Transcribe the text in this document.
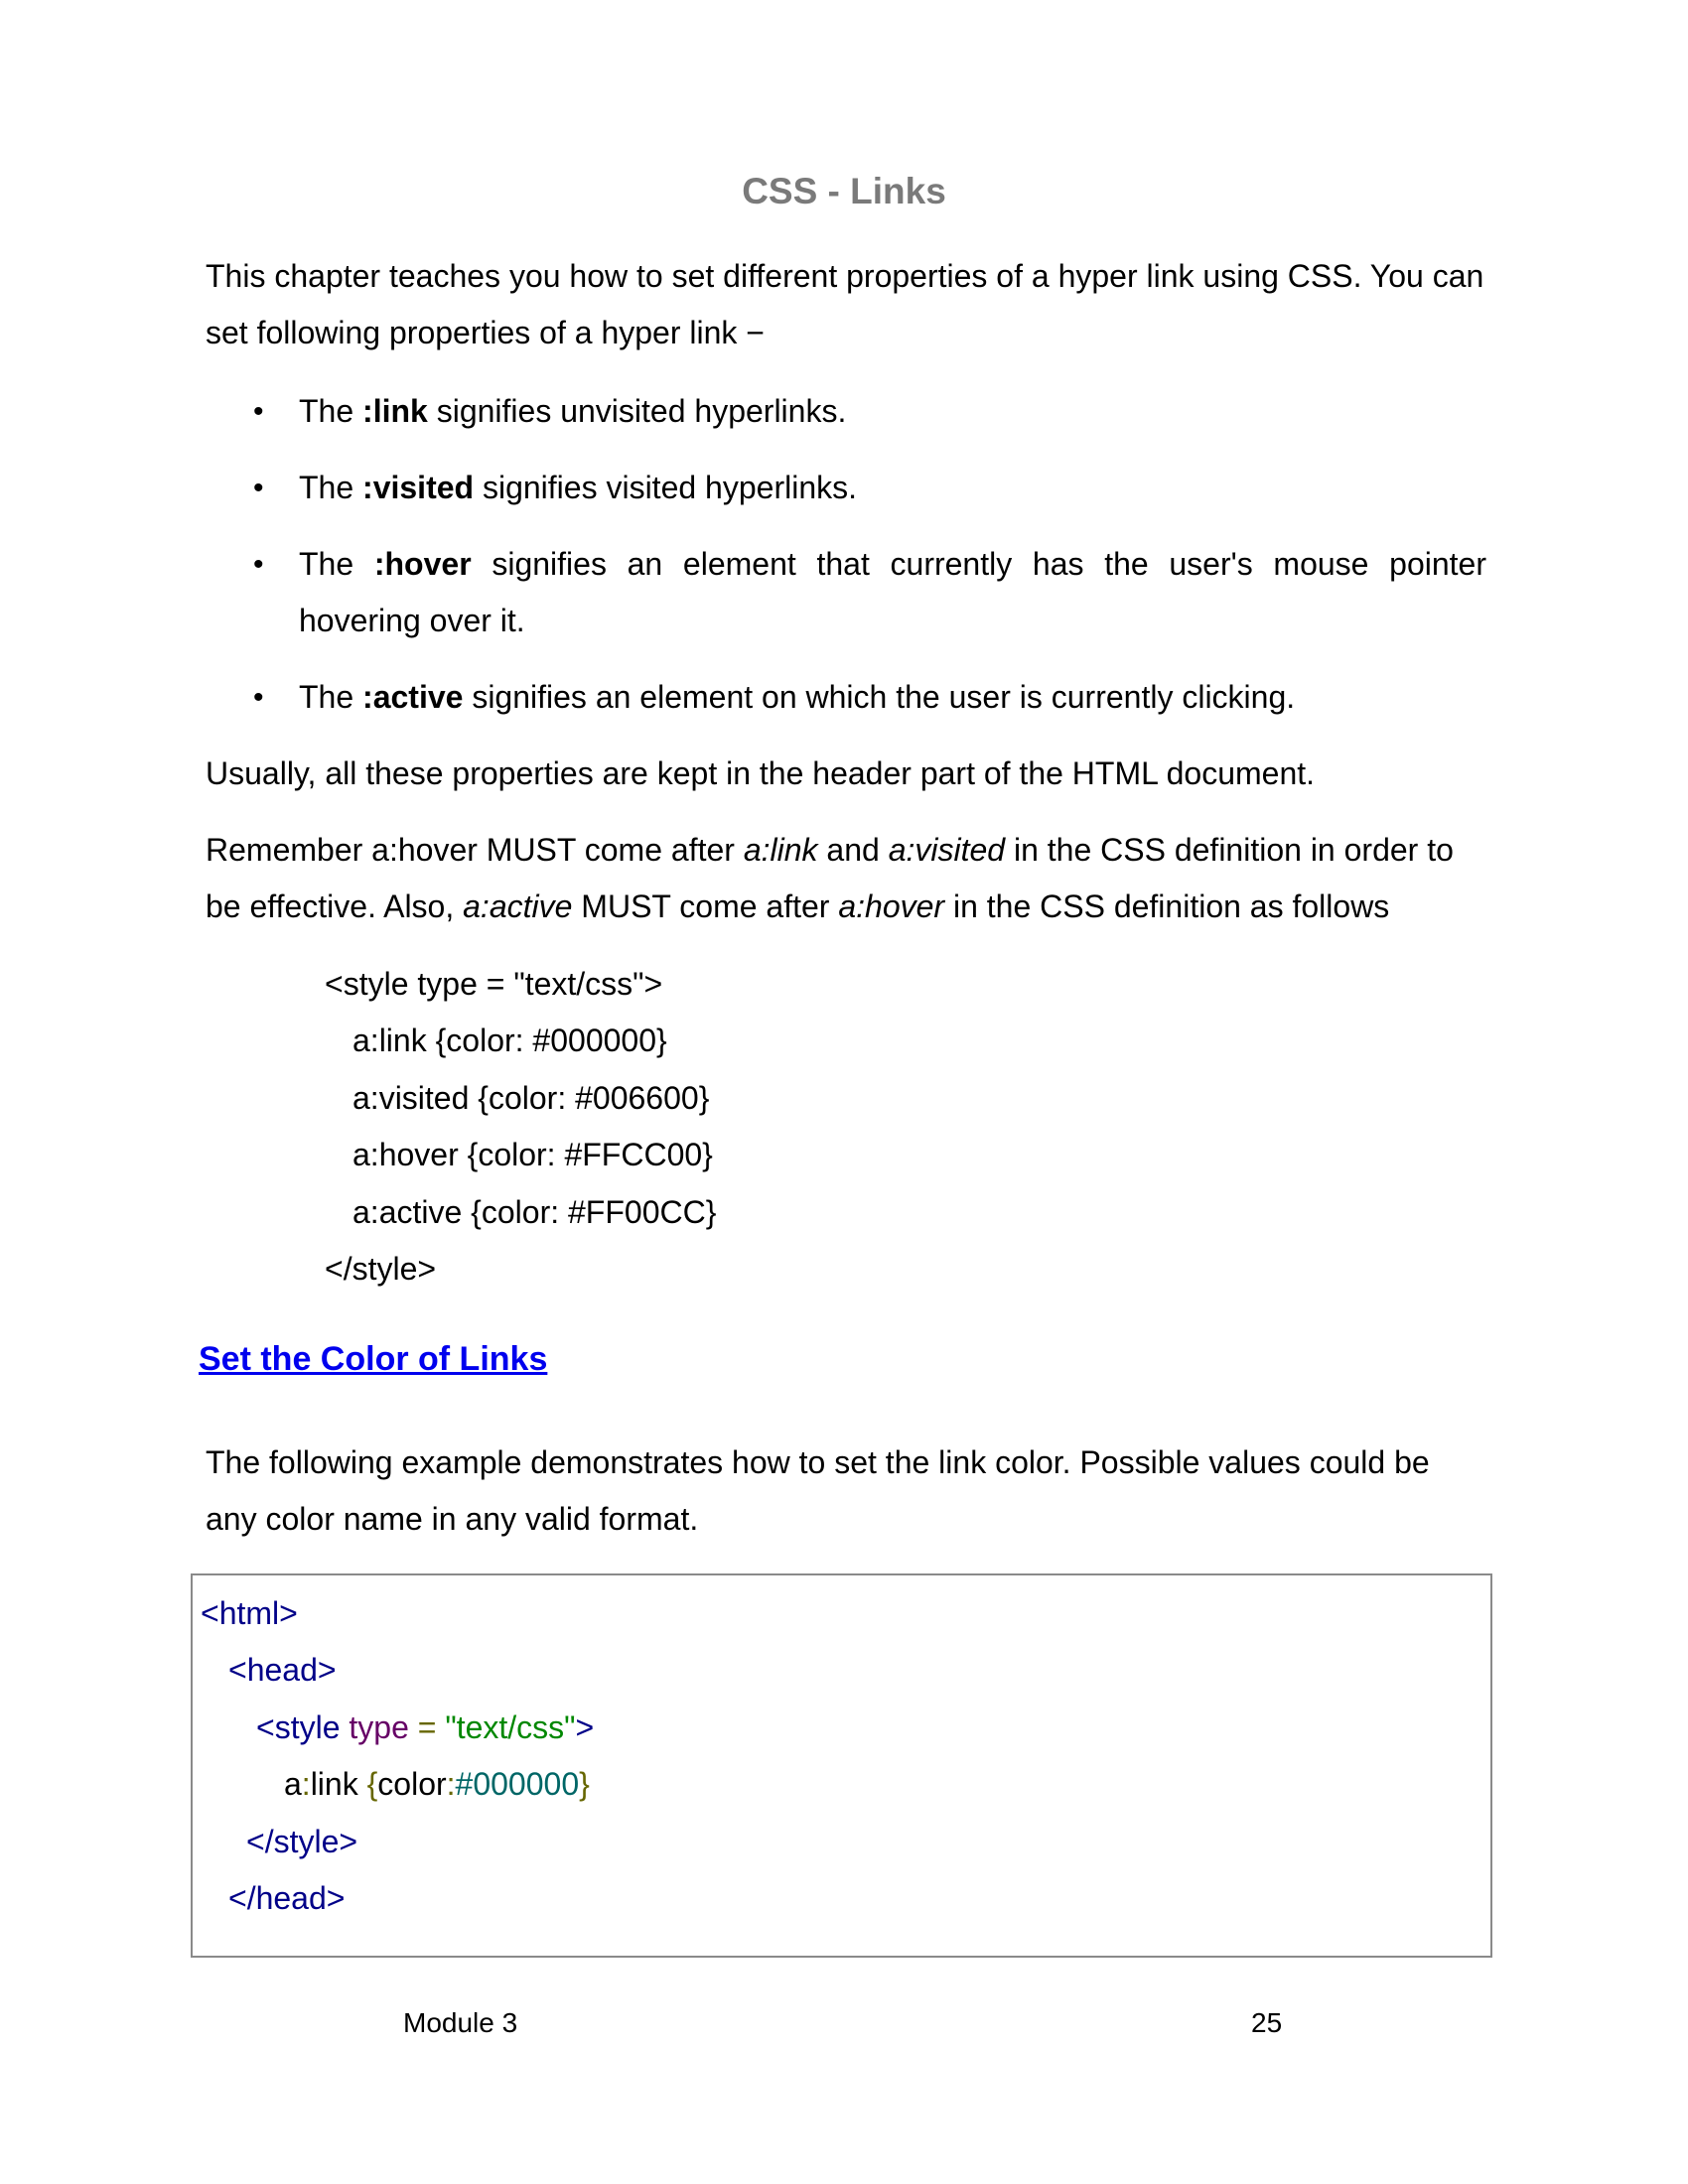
CSS - Links
This chapter teaches you how to set different properties of a hyper link using CSS. You can set following properties of a hyper link −
• The :link signifies unvisited hyperlinks.
• The :visited signifies visited hyperlinks.
• The :hover signifies an element that currently has the user's mouse pointer hovering over it.
• The :active signifies an element on which the user is currently clicking.
Usually, all these properties are kept in the header part of the HTML document.
Remember a:hover MUST come after a:link and a:visited in the CSS definition in order to be effective. Also, a:active MUST come after a:hover in the CSS definition as follows
<style type = "text/css">
a:link {color: #000000}
a:visited {color: #006600}
a:hover {color: #FFCC00}
a:active {color: #FF00CC}
</style>
Set the Color of Links
The following example demonstrates how to set the link color. Possible values could be any color name in any valid format.
<html>
<head>
<style type = "text/css">
a:link {color:#000000}
</style>
</head>
Module 3	25
